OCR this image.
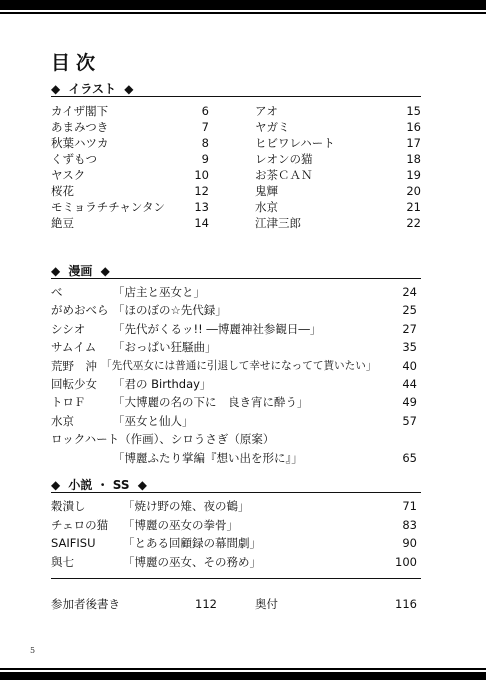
目次
◆ イラスト ◆
カイザ閣下	6
あまみつき	7
秋葉ハツカ	8
くずもつ	9
ヤスク	10
桜花	12
モミョラチチャンタン	13
絶豆	14
アオ	15
ヤガミ	16
ヒビワレハート	17
レオンの猫	18
お茶ＣＡＮ	19
鬼輝	20
水京	21
江津三郎	22
◆ 漫画 ◆
べ	「店主と巫女と」	24
がめおべら 「ほのぼの☆先代録」	25
シシオ 「先代がくるッ!! ―博麗神社参観日―」	27
サムイム 「おっぱい狂騒曲」	35
荒野　沖 「先代巫女には普通に引退して幸せになってて貰いたい」	40
回転少女 「君の Birthday」	44
トロＦ 「大博麗の名の下に　良き宵に酔う」	49
水京	「巫女と仙人」	57
ロックハート（作画）、シロうさぎ（原案）
「博麗ふたり掌編『想い出を形に』」	65
◆ 小説 ・ SS ◆
穀潰し	「焼け野の雉、夜の鶴」	71
チェロの猫 「博麗の巫女の拳骨」	83
SAIFISU 「とある回顧録の幕間劇」	90
與七	「博麗の巫女、その務め」	100
参加者後書き	112	奥付	116
5
